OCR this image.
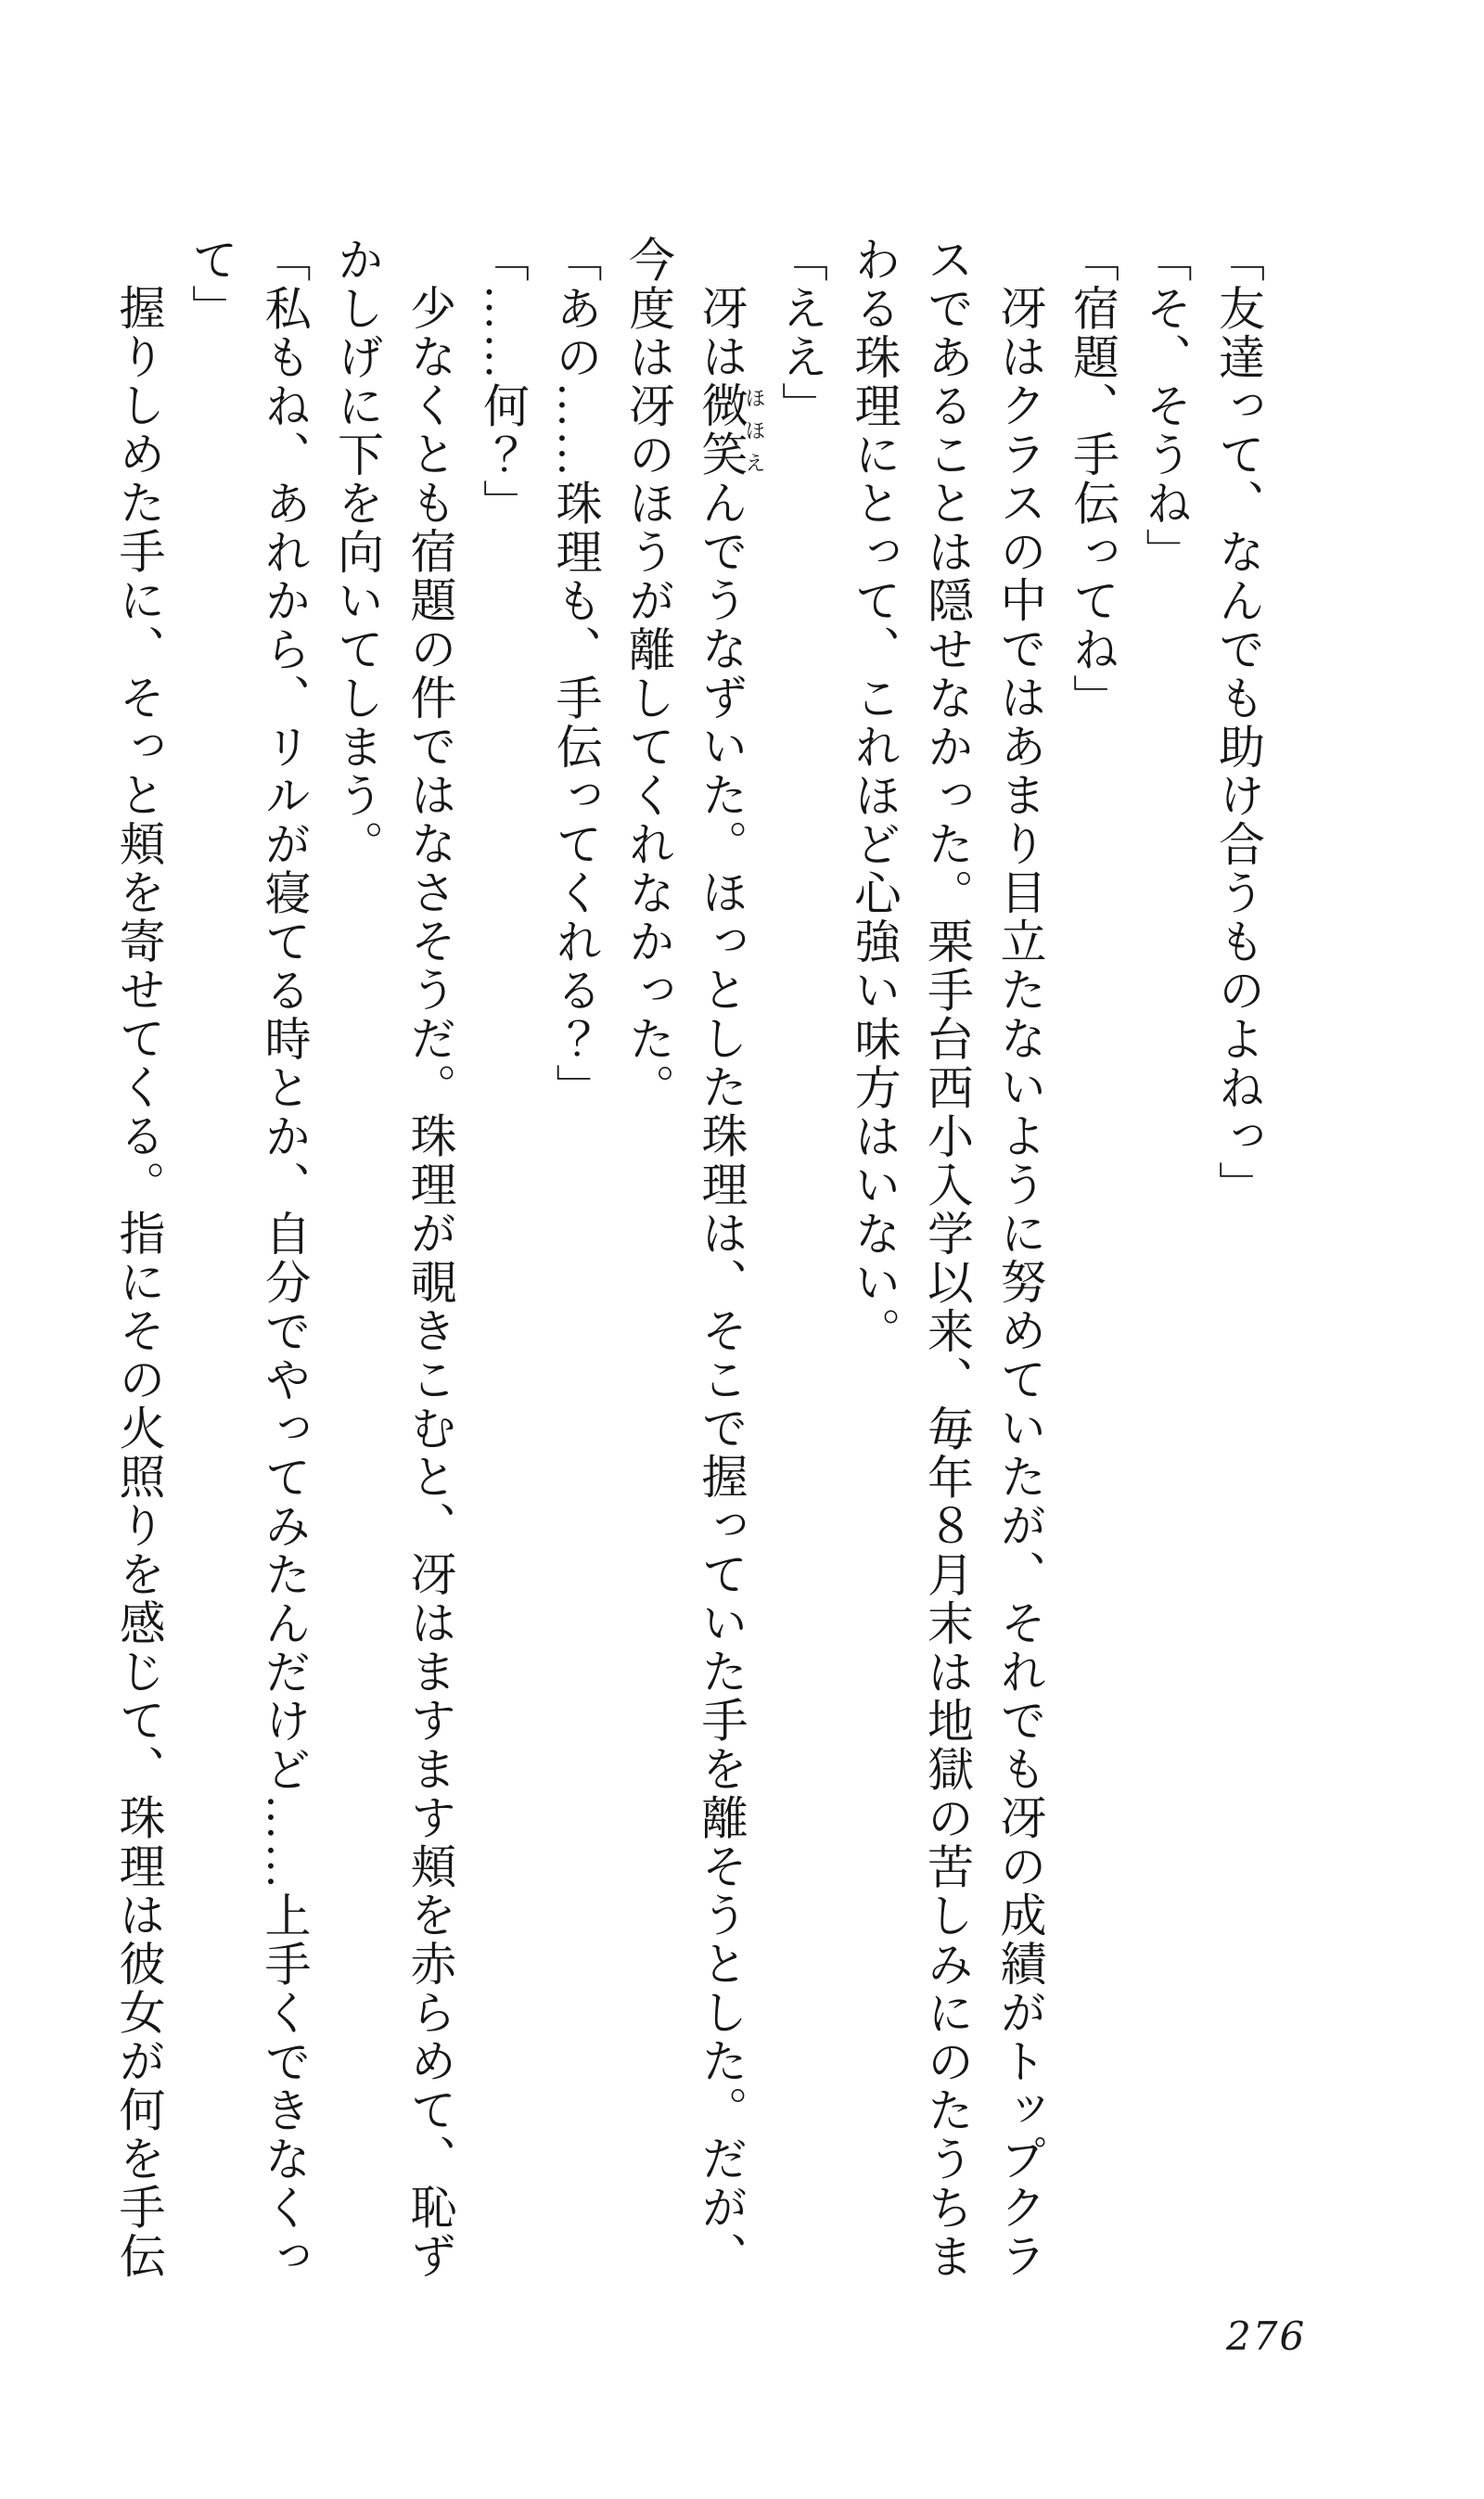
「友達って、なんでも助け合うものよねっ」

「そ、そうね」

「宿題、手伝ってね」

冴はクラスの中ではあまり目立たないように努めていたが、それでも冴の成績がトップクラ

スであることは隠せなかった。栗手台西小入学以来、毎年８月末は地獄の苦しみにのたうちま

わる珠理にとって、これほど心強い味方はいない。

「ええ」

冴は微笑ほほえんでうなずいた。ほっとした珠理は、そこで握っていた手を離そうとした。だが、

今度は冴のほうが離してくれなかった。

「あの……珠理も、手伝ってくれる？」

「……何？」

少なくとも宿題の件ではなさそうだ。珠理が覗きこむと、冴はますます頬を赤らめて、恥ず

かしげに下を向いてしまう。

「私もね、あれから、リルが寝てる時とか、自分でやってみたんだけど……上手くできなくっ

て」

握りしめた手に、そっと頬を寄せてくる。指にその火照りを感じて、珠理は彼女が何を手伝

276
